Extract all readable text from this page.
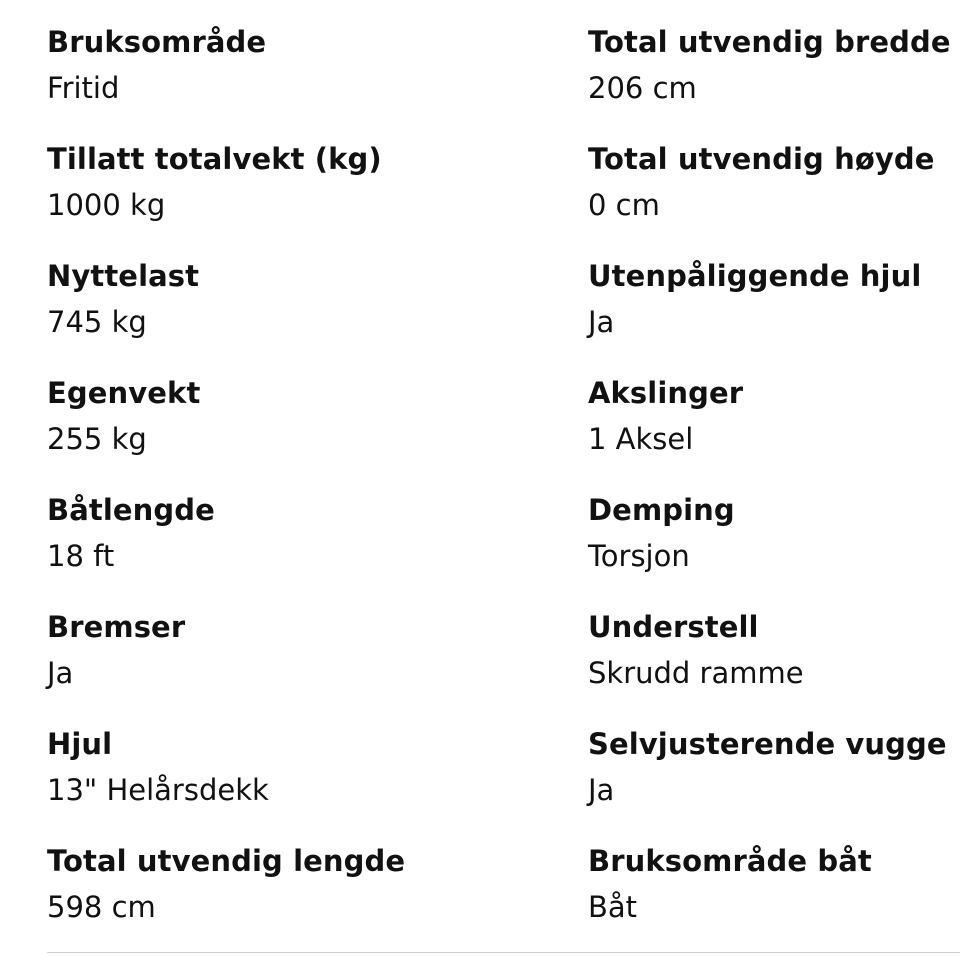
Bruksområde
Fritid
Total utvendig bredde
206 cm
Tillatt totalvekt (kg)
1000 kg
Total utvendig høyde
0 cm
Nyttelast
745 kg
Utenpåliggende hjul
Ja
Egenvekt
255 kg
Akslinger
1 Aksel
Båtlengde
18 ft
Demping
Torsjon
Bremser
Ja
Understell
Skrudd ramme
Hjul
13" Helårsdekk
Selvjusterende vugge
Ja
Total utvendig lengde
598 cm
Bruksområde båt
Båt
